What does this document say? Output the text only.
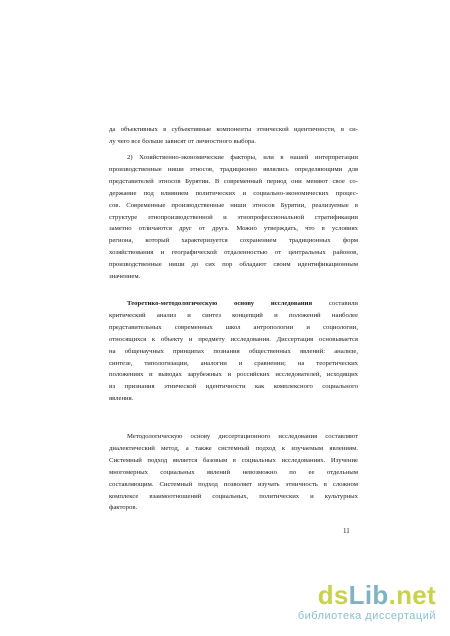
да объективных в субъективные компоненты этнической идентичности, в си-
лу чего все больше зависят от личностного выбора.
2) Хозяйственно-экономические факторы, или в нашей интерпретации
производственные ниши этносов, традиционно являлись определяющими для
представителей этносов Бурятии. В современный период они меняют свое со-
держание под влиянием политических и социально-экономических процес-
сов. Современные производственные ниши этносов Бурятии, реализуемые в
структуре этнопроизводственной и этнопрофессиональной стратификации
заметно отличаются друг от друга. Можно утверждать, что в условиях
региона, который характеризуется сохранением традиционных форм
хозяйствования и географической отдаленностью от центральных районов,
производственные ниши до сих пор обладают своим идентификационным
значением.
Теоретико-методологическую основу исследования	составили
критический анализ и синтез концепций и положений наиболее
представительных современных школ антропологии и социологии,
относящихся к объекту и предмету исследования. Диссертация основывается
на общенаучных принципах познания общественных явлений: анализе,
синтезе, типологизации, аналогии и сравнении; на теоретических
положениях и выводах зарубежных и российских исследователей, исходящих
из признания этнической идентичности как комплексного социального
явления.
Методологическую основу диссертационного исследования составляют
диалектический метод, а также системный подход к изучаемым явлениям.
Системный подход является базовым в социальных исследованиях. Изучение
многомерных социальных явлений невозможно по ее отдельным
составляющим. Системный подход позволяет изучать этничность в сложном
комплексе взаимоотношений социальных, политических и культурных
факторов.
11
dsLib.net
библиотека диссертаций
